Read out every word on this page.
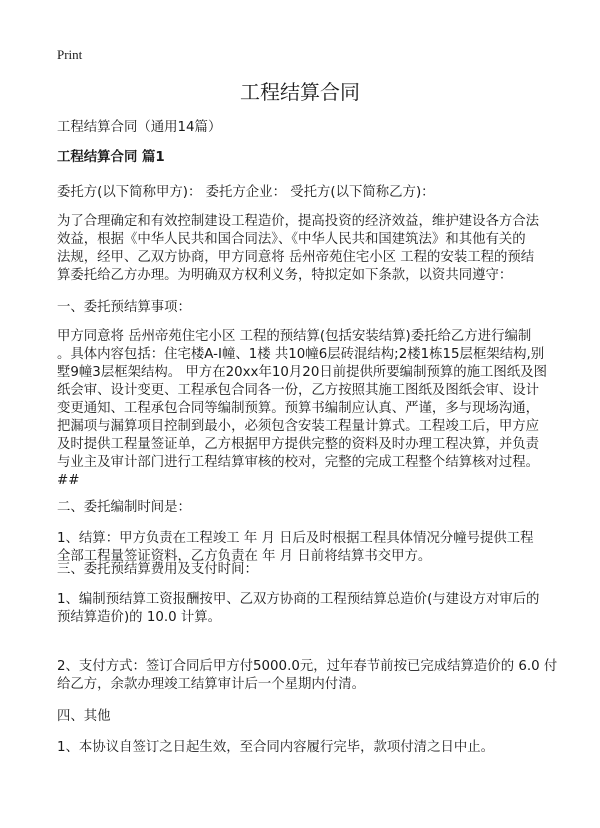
Print
工程结算合同
工程结算合同（通用14篇）
工程结算合同 篇1
委托方(以下简称甲方)： 委托方企业： 受托方(以下简称乙方)：
为了合理确定和有效控制建设工程造价，提高投资的经济效益，维护建设各方合法
效益，根据《中华人民共和国合同法》、《中华人民共和国建筑法》和其他有关的
法规，经甲、乙双方协商，甲方同意将 岳州帝苑住宅小区 工程的安装工程的预结
算委托给乙方办理。为明确双方权利义务，特拟定如下条款，以资共同遵守：
一、委托预结算事项：
甲方同意将 岳州帝苑住宅小区 工程的预结算(包括安装结算)委托给乙方进行编制
。具体内容包括：住宅楼A-I幢、1楼 共10幢6层砖混结构;2楼1栋15层框架结构,别
墅9幢3层框架结构。 甲方在20xx年10月20日前提供所要编制预算的施工图纸及图
纸会审、设计变更、工程承包合同各一份，乙方按照其施工图纸及图纸会审、设计
变更通知、工程承包合同等编制预算。预算书编制应认真、严谨，多与现场沟通，
把漏项与漏算项目控制到最小，必须包含安装工程量计算式。工程竣工后，甲方应
及时提供工程量签证单，乙方根据甲方提供完整的资料及时办理工程决算，并负责
与业主及审计部门进行工程结算审核的校对，完整的完成工程整个结算核对过程。
##
二、委托编制时间是：
1、结算：甲方负责在工程竣工 年 月 日后及时根据工程具体情况分幢号提供工程
全部工程量签证资料，乙方负责在 年 月 日前将结算书交甲方。
三、委托预结算费用及支付时间：
1、编制预结算工资报酬按甲、乙双方协商的工程预结算总造价(与建设方对审后的
预结算造价)的 10.0 计算。
2、支付方式：签订合同后甲方付5000.0元，过年春节前按已完成结算造价的 6.0 付
给乙方，余款办理竣工结算审计后一个星期内付清。
四、其他
1、本协议自签订之日起生效，至合同内容履行完毕，款项付清之日中止。
